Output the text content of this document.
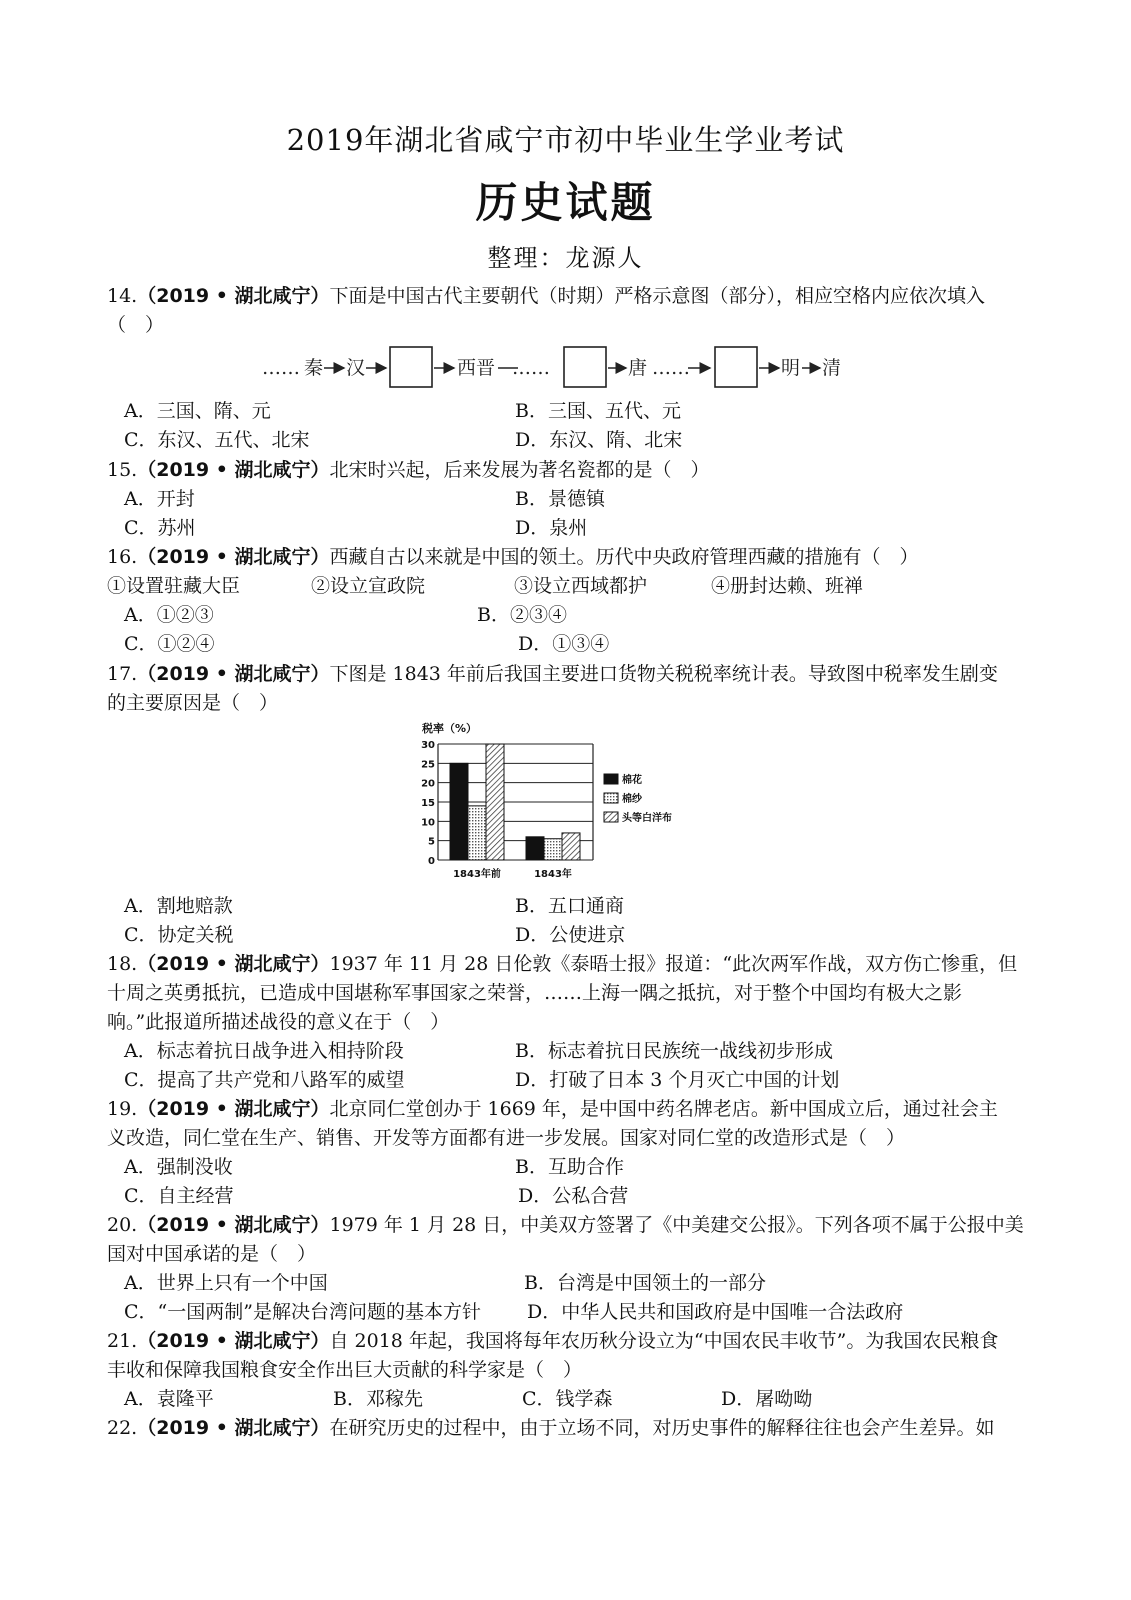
2019年湖北省咸宁市初中毕业生学业考试
历史试题
整理：龙源人
14.（2019 • 湖北咸宁）下面是中国古代主要朝代（时期）严格示意图（部分），相应空格内应依次填入
（　）
…… 秦 汉	西晋 ……	唐 ……	明 清
A．三国、隋、元	B．三国、五代、元
C．东汉、五代、北宋	D．东汉、隋、北宋
15.（2019 • 湖北咸宁）北宋时兴起，后来发展为著名瓷都的是（　）
A．开封	B．景德镇
C．苏州	D．泉州
16.（2019 • 湖北咸宁）西藏自古以来就是中国的领土。历代中央政府管理西藏的措施有（　）
①设置驻藏大臣	②设立宣政院	③设立西域都护	④册封达赖、班禅
A．①②③	B．②③④
C．①②④	D．①③④
17.（2019 • 湖北咸宁）下图是 1843 年前后我国主要进口货物关税税率统计表。导致图中税率发生剧变
的主要原因是（　）
税率（%）
30
25
20
15
10
5
0
1843年前	1843年
棉花
棉纱
头等白洋布
A．割地赔款	B．五口通商
C．协定关税	D．公使进京
18.（2019 • 湖北咸宁）1937 年 11 月 28 日伦敦《泰晤士报》报道：“此次两军作战，双方伤亡惨重，但
十周之英勇抵抗，已造成中国堪称军事国家之荣誉，……上海一隅之抵抗，对于整个中国均有极大之影
响。”此报道所描述战役的意义在于（　）
A．标志着抗日战争进入相持阶段	B．标志着抗日民族统一战线初步形成
C．提高了共产党和八路军的威望	D．打破了日本 3 个月灭亡中国的计划
19.（2019 • 湖北咸宁）北京同仁堂创办于 1669 年，是中国中药名牌老店。新中国成立后，通过社会主
义改造，同仁堂在生产、销售、开发等方面都有进一步发展。国家对同仁堂的改造形式是（　）
A．强制没收	B．互助合作
C．自主经营	D．公私合营
20.（2019 • 湖北咸宁）1979 年 1 月 28 日，中美双方签署了《中美建交公报》。下列各项不属于公报中美
国对中国承诺的是（　）
A．世界上只有一个中国	B．台湾是中国领土的一部分
C．“一国两制”是解决台湾问题的基本方针 D．中华人民共和国政府是中国唯一合法政府
21.（2019 • 湖北咸宁）自 2018 年起，我国将每年农历秋分设立为“中国农民丰收节”。为我国农民粮食
丰收和保障我国粮食安全作出巨大贡献的科学家是（　）
A．袁隆平	B．邓稼先	C．钱学森	D．屠呦呦
22.（2019 • 湖北咸宁）在研究历史的过程中，由于立场不同，对历史事件的解释往往也会产生差异。如
